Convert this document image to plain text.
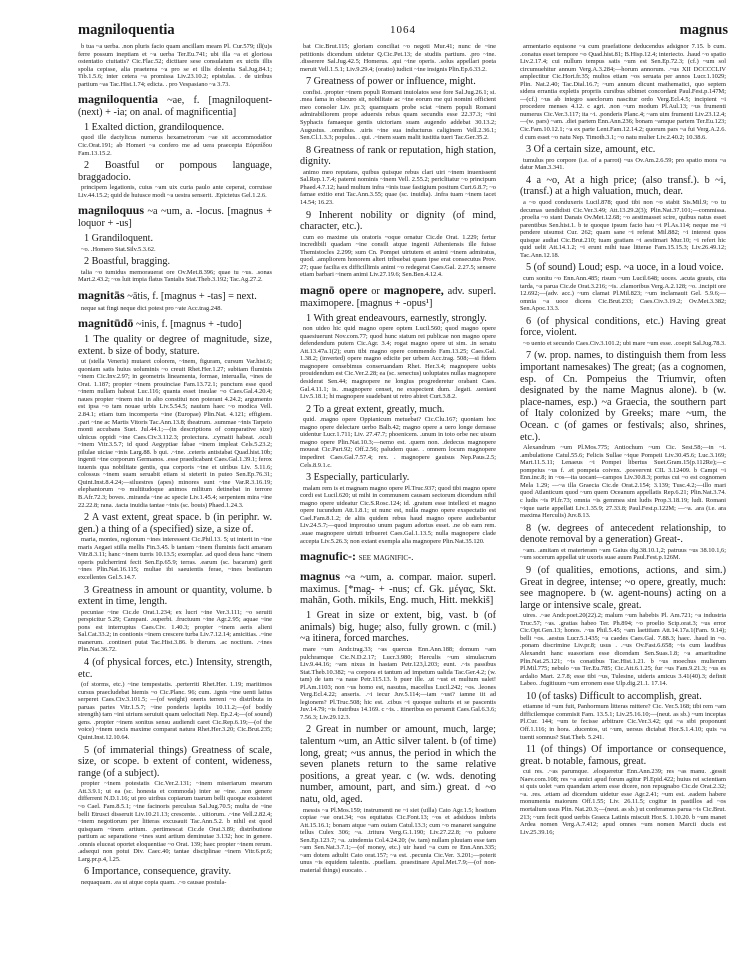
magniloquentia	1064	magnus

b tua ~a uerba. .non pluris facio quam ancillam meam Pl. Cur.579; ill(u)s ferre possum ineptiam et ~a uerba Ter.Eu.741; ubi illa ~a et gloriosa ostentatio ciuitatis? Cic.Flac.52; dictitare sese consulatum ex uictis illis spolia cepisse, alia praeterea ~a pro se et illis dolentia Sal.Jug.84.1; Tib.1.5.6; inter cetera ~a promissa Liv.23.10.2; epistulas. . de uiribus partium ~as Tac.Hist.1.74; edicta. . pro Vespasiano ~a 3.73.

magniloquentia ~ae, f. [magniloquent- (next) + -ia; on anal. of magnificentia]

1 Exalted diction, grandiloquence.

quod ille dactylicus numerus hexametrorum ~ae sit accommodatior Cic.Orat.191; ab Homeri ~a confero me ad uera praecepta Εὐριπίδου Fam.13.15.2.

2 Boastful or pompous language, braggadocio.

principem legationis, cuius ~am uix curia paulo ante ceperat, corruisse Liv.44.15.2; quid de huiusce modi ~a uestra senserit. .Epictetus Gel.1.2.6.

magniloquus ~a ~um, a. -locus. [magnus + loquor + -us]

1 Grandiloquent.

~o. .Homero Stat.Silv.5.3.62.

2 Boastful, bragging.

talia ~o tumidus memorauerat ore Ov.Met.8.396; quae tu ~us. .sonas Mart.2.43.2; ~os luit impia flatus Tantalis Stat.Theb.3.192; Tac.Ag.27.2.

magnitās ~ātis, f. [magnus + -tas] = next.

neque sat fingi neque dici potest pro ~ate Acc.trag.248.

magnitūdō ~inis, f. [magnus + -tudo]

1 The quality or degree of magnitude, size, extent. b size of body, stature.

ut (stella Veneris) mutaret colorem, ~inem, figuram, cursum Var.hist.6; quoniam satis huius uoluminis ~o creuit Rhet.Her.1.27; subitam fluminis ~inem Cic.Inv.2.97; in geometris lineamenta, formae, interualla, ~ines de Orat. 1.187; propter ~inem prouinciae Fam.13.72.1; punctum esse quod ~inem nullam habeat Luc.116; quanta esset insulae ~o Caes.Gal.4.20.4; naues propter ~inem nisi in alto constitui non poterant 4.24.2; argumento est ipsa ~o tam nouae urbis Liv.5.54.5; nauium haec ~o modica Vell. 2.84.1; etiam tum incomperta ~ine (Europae) Plin.Nat. 4.121; effigiem. .pari ~ine ac Martis Vitoris Tac.Ann.13.8; theatrum. .summae ~inis Tarpeio monti accubans Suet. Jul.44.1;—(in descriptions of comparative size) ulnicus oppidi ~ine Caes.Civ.3.112.3; proiectura. .cymatii habeat. .oculi ~inem Vitr.3.5.7; id quod Aegyptiae fabae ~inem impleat Cels.5.23.2; pilulae uiciae ~inis Larg.88. b qui. .~ine. .ceteris antistabat Quad.hist.10b; ingenti ~ine corporum Germanos. .esse praedicabant Caes.Gal.1.39.1; ferox iuuenis qua nobilitate gentis, qua corporis ~ine et uiribus Liv. 5.11.6; colossus ~inem suam seruabit etiam si steterit in puteo Sen.Ep.76.31; Quint.Inst.8.4.24;—siluestres (apes) minores sunt ~ine Var.R.3.16.19; elephantorum ~o multitudoque animos militum detinebat in terrore B.Afr.72.3; boves. .miranda ~ine ac specie Liv.1.45.4; serpentem mira ~ine 22.22.8; rana. .tacta inuidia tantae ~inis (sc. bouis) Phaed.1.24.3.

2 A vast extent, great space. b (in periphr. w. gen.) a thing of a (specified) size, a size of.

maria, montes, regionum ~ines interessent Cic.Phil.13. 5; ut interit in ~ine maris Aegaei stilla mellis Fin.3.45. b tantam ~inem fluminis facit amaram Vitr.8.3.11; hanc ~inem turris 10.13.5; exemplar. .ad quod deus hanc ~inem operis pulcherrimi fecit Sen.Ep.65.9; terras. .earum (sc. bacarum) gerit ~ines Plin.Nat.16.115; multae ibi saeuientis ferae, ~ines bestiarum excellentes Gel.5.14.7.

3 Greatness in amount or quantity, volume. b extent in time, length.

pecuniae ~ine Cic.de Orat.1.234; ex lucri ~ine Ver.3.111; ~o seruiti perspicitur 5.29; Campani. .superbi. .fructuum ~ine Agr.2.95; aquae ~ine pons est interruptus Caes.Civ. 1.40.3; propter ~inem aeris alieni Sal.Cat.33.2; in contionis ~inem crescere turba Liv.7.12.14; amicitias. .~ine manerum. .contineri putat Tac.Hist.3.86. b dierum. .ac noctium. .~ines Plin.Nat.36.72.

4 (of physical forces, etc.) Intensity, strength, etc.

(of storms, etc.) ~ine tempestatis. .perterriti Rhet.Her. 1.19; maritimos cursus praecludebat hiemis ~o Cic.Planc. 96; cum. .ignis ~ine uenti latius serperet Caes.Civ.3.101.5; —(of weight) oneris terreni ~o distributa in paruas partes Vitr.1.5.7; ~ine ponderis lapidis 10.11.2;—(of bodily strength) tam ~ini uirium seruiuit quam uelocitati Nep. Ep.2.4;—(of sound) gens. .propter ~inem sonitus sensu audiendi caret Cic.Rep.6.19;—(of the voice) ~inem uocis maxime comparat natura Rhet.Her.3.20; Cic.Brut.235; Quint.Inst.12.10.64.

5 (of immaterial things) Greatness of scale, size, or scope. b extent of content, wideness, range (of a subject).

propter ~inem potestatis Cic.Ver.2.131; ~inem miseriarum mearum Att.3.9.1; ut ea (sc. honesta et commoda) inter se ~ine. .non genere differrent N.D.1.16; ut pro uiribus copiarum tuarum belli quoque exsisteret ~o Cael. Fam.8.5.1; ~ine facinoris perculsus Sal.Jug.70.5; multa de ~ine belli Etrusci disseruit Liv.10.21.13; crescente. . uitiorum. .~ine Vell.2.82.4; ~inem negotiorum per litteras excusauit Tac.Ann.5.2. b nihil est quod quisquam ~inem artium. .pertimescat Cic.de Orat.3.89; distributione partium ac separatione ~ines sunt artium deminutae 3.132; hoc in genere. .omnis eluceat oportet eloquentiae ~o Orat. 139; haec propter ~inem rerum. .adsequi non potui Div. Caec.40; tantae disciplinae ~inem Vitr.6.pr.6; Larg.pr.p.4, l.25.

6 Importance, consequence, gravity.

nequaquam. .ea ui atque copia quam. .~o causae postula-

bat Cic.Brut.115; gloriam conciliat ~o negoti Mur.41; nunc de ~ine petitionis dicendum uidetur Q.Cic.Pet.13; de studiis partium. .pro ~ine. .disserere Sal.Jug.42.5; Homerus. .qui ~ine operis. .solus appellari poeta meruit Vell.1.5.1; Liv.9.29.4; (oratio) iudicii ~ine insignis Plin.Ep.6.33.2.

7 Greatness of power or influence, might.

confisi. .propter ~inem populi Romani inuiolatos sese fore Sal.Jug.26.1; si. .mea fama in obscuro sit, nobilitate ac ~ine eorum me qui nomini officient meo consoler Liv. pr.3; quamquam probe sciat ~inem populi Romani admirabiliorem prope aduersis rebus quam secundis esse 22.37.3; ~ini Syphacis famaeque gentis uictoriam suam augendo addebat 30.13.2; Augustus. .omnibus. .uiris ~ine sua inducturus caliginem Vell.2.36.1; Sen.Cl.1.3.3; populus. . qui. .~inem suam malit iustitia tueri Tac.Ger.35.2.

8 Greatness of rank or reputation, high station, dignity.

animo meo reputans, quibus quisque rebus clari uiri ~inem inuenissent Sal.Rep.1.7.4; paterni nominis ~inem Vell. 2.55.2; periclitatur ~o principum Phaed.4.7.12; haud multum infra ~inis tuae fastigium positum Curt.6.8.7; ~o famae exitio erat Tac.Ann.3.55; quae (sc. inuidia). .infra tuam ~inem iacet 14.54; 16.23.

9 Inherent nobility or dignity (of mind, character, etc.).

cum eo maxime uis oratoris ~oque ornatur Cic.de Orat. 1.229; fertur incredibili quadam ~ine consili atque ingenii Atheniensis ille fuisse Themistocles 2.299; sum Cn. Pompei uirtutem et animi ~inem admiratus, quod. .ampliorem honorem alteri tribuebat quam ipse erat consecutus Prov. 27; quae facilia ex difficillimis animi ~o redegerat Caes.Gal. 2.27.5; sensere etiam barbari ~inem animi Liv.27.19.6; Sen.Ben.4.12.4.

magnō opere or magnopere, adv. superl. maximopere. [magnus + -opus¹]

1 With great endeavours, earnestly, strongly.

non uideo hic quid magno opere optem Lucil.560; quod magno opere quaesiuerunt Nov.com.77; quod hunc statum rei publicae non magno opere defendendum putem Cic.Agr. 3.4; rogat magno opere ut sim. .in senatu Att.13.47a.1(2); eum tibi magno opere commendo Fam.13.25; Caes.Gal. 1.38.2; (inverted) opere magno edicite per urbem Acc.trag. 508;—si fidem magnopere censebimus conseruandam Rhet. Her.3.4; magnopere uobis prouidendum est Cic.Ver.2.28; ea (sc. senectus) uoluptates nullas magnopere desiderat Sen.44; magnopere ne longius progrederetur orabant Caes. Gal.4.11.1; is. .magnopere censet, ne exspectent dum. .legati. .ueniant Liv.5.18.1; hi magnopere suadebant ut retro abiret Curt.3.8.2.

2 To a great extent, greatly, much.

quid. .magno opere Oppianicum metuebat? Cic.Clu.167; quoniam hoc magno opere delectare uerbo Balb.42; magno opere a uero longe derrasse uidentur Lucr.1.711; Liv. 27.47.7; phoenicem. .unum in toto orbe nec uisum magno opere Plin.Nat.10.3;—nemo est. .quem non. .dedecus magnopere moueat Cic.Part.92; Off.2.56; paludem quae. . omnem locum magnopere impediret Caes.Gal.7.57.4; rex. . magnopere gauisus Nep.Paus.2.5; Cels.8.9.1.c.

3 Especially, particularly.

malam rem is et magnam magno opere Pl.Truc.937; quod tibi magno opere cordi est Lucil.620; ut mihi in communem causam sectorum dicendum nihil magno opere uideatur Cic.S.Rosc.124; id. .gratum esse intellexi et magno opere iucundum Att.1.8.1; ut nunc est, nulla magno opere exspectatio est Cael.Fam.8.1.2; de aliis quidem rebus haud magno opere audiebantur Liv.24.5.7;—quod improuiso unum pagum adortus esset. .ne ob eam rem. .suae magnopere uirtuti tribueret Caes.Gal.1.13.5; nulla magnopere clade accepta Liv.5.26.3; non extant exempla alia magnopere Plin.Nat.35.120.

magnufic-: see magnific-.

magnus ~a ~um, a. compar. maior. superl. maximus. [*mag- + -nus; cf. Gk. μέγας, Skt. mahān, Goth. mikils, Eng. much, Hitt. mekkiš]

1 Great in size or extent, big, vast. b (of animals) big, huge; also, fully grown. c (mil.) ~a itinera, forced marches.

mare ~um Andr.trag.33; ~as quercus Enn.Ann.188; domum ~am pulchramque Cic.N.D.2.17; Lucr.3.980; Herculis ~um simulacrum Liv.9.44.16; ~am nixus in hastam Petr.123,l.203; eunt. .~is passibus Stat.Theb.10.382; ~a corpora et tantum ad impetum ualida Tac.Ger.4.2; (w. tam) de tam ~a naue Petr.115.13. b puer ille. .ut ~ust et multum ualet! Pl.Am.1103; non ~us homo est, nasutus, macellus Lucil.242; ~os. .leones Verg.Ecl.4.22; anseris. .~i iecur Juv.5.114;—iam ~ust? iamne iit ad legionem? Pl.Truc.508; hic est. .cibus ~i quoque uulturis et se pascentis Juv.14.79; ~is fratribus 14.169. c ~is. . itineribus eo peruenit Caes.Gal.6.3.6; 7.56.3; Liv.29.12.3.

2 Great in number or amount, much, large; talentum ~um, an Attic silver talent. b (of time) long, great; ~us annus, the period in which the seven planets return to the same relative positions, a great year. c (w. wds. denoting number, amount, part, and sim.) great. d ~o natu, old, aged.

messis ~a Pl.Mos.159; instrumenti ne ~i siet (uilla) Cato Agr.1.5; hostium copiae ~ae orat.34; ~os equitatus Cic.Font.13; ~os et adsiduos imbris Att.15.16.1; bonam atque ~am ouiam Catul.13.3; cum ~o manaret sanguine tellus Culex 306; ~a. .tritura Verg.G.1.190; Liv.27.22.8; ~o puluere Sen.Ep.123.7; ~a. .uindemia Col.4.24.20; (w. tam) nullam pluuiam esse tam ~am Sen.Nat.3.7.1;—(of money, etc.) uir haud ~a cum re Enn.Ann.335; ~am dotem adtulit Cato orat.157; ~a est. .pecunia Cic.Ver. 3.201;—poterit unus ~is equidem talentis. .puellam. .praestinare Apul.Met.7.9;—(of non-material things) euocato. .

armentario equisone ~a cum praefatione deducendus adsignor 7.15. b cum. .conatus esset tempore ~o Quad.hist.81; B.Hisp.12.4; interiecto. .haud ~o spatio Liv.2.17.4; cui nullum tempus satis ~um est Sen.Ep.72.3; (cf.) ~um sol circumuehitur annum Verg.A.3.284;—horum annorum. .~us XII DCCCCLIV amplectitur Cic.Hort.fr.35; multos etiam ~os seruata per annos Lucr.1.1029; Plin. Nat.2.40; Tac.Dial.16.7; ~um annum dicunt mathematici, quo septem sidera errantia expletis propriis cursibus sibimet concordant Paul.Fest.p.147M;—(cf.) ~us ab integro saeclorum nascitur ordo Verg.Ecl.4.5; incipient ~i procedere menses 4.12. c agri. .non ~um modum Pl.Aul.13; ~us frumenti numerus Cic.Ver.3.117; ita ~i. .ponderis Planc.4; ~am uim frumenti Liv.23.12.4;—(w. pars) ~am. .diei partem Enn.Ann.236; bonam ~amque partem Ter.Eu.123; Cic.Fam.10.12.1; ~a ex parte Lent.Fam.12.14.2; quorum pars ~a fui Verg.A.2.6. d cum esset ~o natu Nep. Timoth.3.1; ~o natu mulier Liv.2.40.2; 10.38.6.

3 Of a certain size, amount, etc.

tumulus pro corpore (i.e. of a parrot) ~us Ov.Am.2.6.59; pro spatio mora ~a datur Man.3.341.

4 a ~o, At a high price; (also transf.). b ~i, (transf.) at a high valuation, much, dear.

a ~o quod conduxeris Lucil.878; quod tibi non ~o stabit Sis.Mil.9; ~o tu decumas uendidisti Cic.Ver.3.49; Att.13.29.2(3); Plin.Nat.37.101;—commissa. .proelia ~o stant Danais Ov.Met.12.68; ~o aestimasset scire, quibus natus esset parentibus Sen.hist.1. b te quoque ipsum facio hau ~i Pl.As.114; neque me ~i pendere uisumst Cur. 262; quam sane ~i referat Mil.882; ~i interest quos quisque audiat Cic.Brut.210; tuam gratiam ~i aestimari Mur.10; ~i refert hic quid uelit Att.14.1.2; ~i erunt mihi tuae litterae Fam.15.15.3; Liv.26.49.12; Tac.Ann.12.18.

5 (of sound) Loud; esp. ~a uoce, in a loud voice.

cum sonitu ~o Enn.Ann.485; risum ~um Lucil.648; uoces. .acuta grauis, cita tarda, ~a parua Cic.de Orat.3.216; ~is. .clamoribus Verg.A.2.128; ~o. .incipit ore 12.692;—(adv. acc.) ~um clamat Pl.Mil.823; ~um inclamauit Gel. 5.9.6;—omnia ~a uoce dicens Cic.Brut.233; Caes.Civ.3.19.2; Ov.Met.3.382; Sen.Apoc.13.3.

6 (of physical conditions, etc.) Having great force, violent.

~o uento et secundo Caes.Civ.3.101.2; ubi mare ~um esse. .coepit Sal.Jug.78.3.

7 (w. prop. names, to distinguish them from less important namesakes) The great; (as a cognomen, esp. of Cn. Pompeius the Triumvir, often designated by the name Magnus alone). b (w. place-names, esp.) ~a Graecia, the southern part of Italy colonized by Greeks; mare ~um, the Ocean. c (of games or festivals; also, shrines, etc.).

Alexandrum ~um Pl.Mos.775; Antiochum ~um Cic. Sest.58;—in ~i. .ambulatione Catul.55.6; Felicis Sullae ~ique Pompeii Liv.30.45.6; Luc.3.169; Mart.11.5.11; Lenaeus ~i Pompei libertus Suet.Gram.15(p.112Re);—c pompeius ~us f. .et pompeia coivnx. .posvervnt CIL 3.12409. b Campi ~i Enn.inc.8; in ~os—ita uocant—campos Liv.30.8.3; portus cui ~o est cognomen Mela 1.29; —~a illa Graecia Cic.de Orat.2.154; 3.139; Tusc.4.2;—illo mari quod Atlanticum quod ~um quem Oceanum appellatis Rep.6.21; Plin.Nat.3.74. c ludis ~is Pl.fr.73; omnia ~is gemmea sint ludis Prop.3.18.19; ludi. Romani ~ique uarie appellati Liv.1.35.9; 27.33.8; Paul.Fest.p.122M; —~a. .ara (i.e. ara maxima Herculis) Juv.8.13.

8 (w. degrees of antecedent relationship, to denote removal by a generation) Great-.

~am. .amitam et materteram ~am Gaius dig.38.10.1,2; patruus ~us 38.10.1,6; ~um socerum appellat uir uxoris suae auum Paul.Fest.p.126M.

9 (of qualities, emotions, actions, and sim.) Great in degree, intense; ~o opere, greatly, much: see magnopere. b (w. agent-nouns) acting on a large or intensive scale, great.

uires. .~ae Andr.poet.20(22).2; malum ~um habebis Pl. Am.721; ~a industria Truc.57; ~as. .gratias habeo Ter. Ph.894; ~o proelio Scip.orat.3; ~us error Cic.Opt.Gen.13; honos. .~us Phil.5.45; ~am laetitiam Att.14.17a.1(Fam. 9.14); belli ~os. .aestus Lucr.5.1435; ~a caedes Caes.Gal. 7.88.3; haec. .haud in ~o. .ponam discrimine Liv.pr.8; usus . .~us Ov.Fast.6.658; ~is cum laudibus Alexandri hanc suasoriam esse dicendam Sen.Suas.1.8; ~a amaritudine Plin.Nat.25.121; ~is conatibus Tac.Hist.1.21. b ~us moechus mulierum Pl.Mil.775; nebulo ~us Ter.Eu.785; Cic.Att.6.1.25; fur ~us Fam.9.21.3; ~us es ardalio Mart. 2.7.8; esse tibi ~us, Tulesine, uideris amicus 3.41(40).3; definit Labeo. .fugitiuum ~um erronem esse Ulp.dig.21.1. 17.14.

10 (of tasks) Difficult to accomplish, great.

etiamne id ~um fuit, Panhormum litteras mittere? Cic. Ver.5.168; tibi rem ~am difficilemque commisit Fam. 13.5.1; Liv.25.16.10;—(neut. as sb.) ~um inceptas Pl.Cur. 144; ~um te fecisse arbitrare Cic.Ver.3.42; qui ~a sibi proponunt Off.1.116; in hora. .ducentos, ut ~um, uersus dictabat Hor.S.1.4.10; quis ~a tuenti somnus? Stat.Theb. 5.241.

11 (of things) Of importance or consequence, great. b notable, famous, great.

cui res. .~as parumque. .eloqueretur Enn.Ann.239; res ~as manu. .gessit Naev.com.108; res ~a amici apud forum agitur Pl.Epid.422; huius rei scientiam si quis uolet ~am quandam artem esse dicere, non repugnabo Cic.de Orat.2.32; ~a. .res. .etiam ad dicendum uidetur esse Agr.2.41; ~um est. .eadem habere monumenta maiorum Off.1.55; Liv. 26.11.5; cogitur in pastillos ad ~os mortalium usus Plin. Nat.20.3;—(neut. as sb.) ut conferamus parua ~is Cic.Brut. 213; ~um fecit quod uerbis Graeca Latinis miscuit Hor.S. 1.10.20. b ~um manet Ardea nomen Verg.A.7.412; apud omnes ~um nomen Marcii ducis est Liv.25.39.16;
